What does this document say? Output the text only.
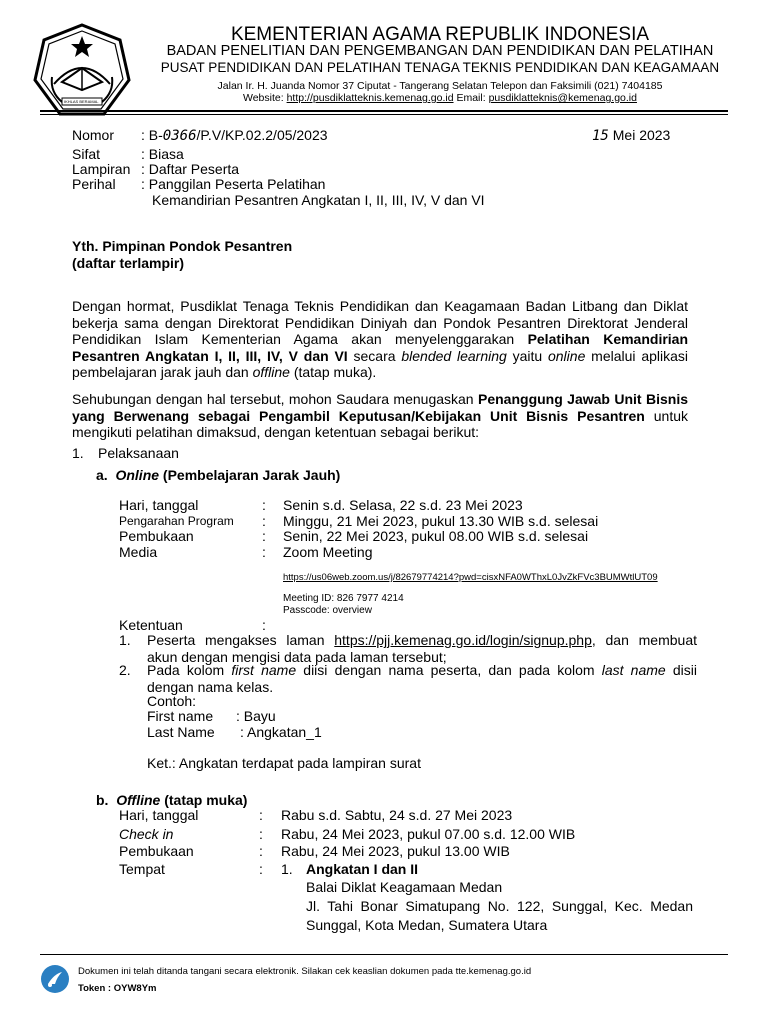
IKHLAS BERAMAL
KEMENTERIAN AGAMA REPUBLIK INDONESIA
BADAN PENELITIAN DAN PENGEMBANGAN DAN PENDIDIKAN DAN PELATIHAN
PUSAT PENDIDIKAN DAN PELATIHAN TENAGA TEKNIS PENDIDIKAN DAN KEAGAMAAN
Jalan Ir. H. Juanda Nomor 37 Ciputat - Tangerang Selatan Telepon dan Faksimili (021) 7404185
Website: http://pusdiklatteknis.kemenag.go.id Email: pusdiklatteknis@kemenag.go.id
Nomor : B-0366/P.V/KP.02.2/05/2023	15 Mei 2023
Sifat	: Biasa
Lampiran : Daftar Peserta
Perihal : Panggilan Peserta Pelatihan
Kemandirian Pesantren Angkatan I, II, III, IV, V dan VI
Yth. Pimpinan Pondok Pesantren
(daftar terlampir)
Dengan hormat, Pusdiklat Tenaga Teknis Pendidikan dan Keagamaan Badan Litbang dan Diklat bekerja sama dengan Direktorat Pendidikan Diniyah dan Pondok Pesantren Direktorat Jenderal Pendidikan Islam Kementerian Agama akan menyelenggarakan Pelatihan Kemandirian Pesantren Angkatan I, II, III, IV, V dan VI secara blended learning yaitu online melalui aplikasi pembelajaran jarak jauh dan offline (tatap muka).
Sehubungan dengan hal tersebut, mohon Saudara menugaskan Penanggung Jawab Unit Bisnis yang Berwenang sebagai Pengambil Keputusan/Kebijakan Unit Bisnis Pesantren untuk mengikuti pelatihan dimaksud, dengan ketentuan sebagai berikut:
1. Pelaksanaan
a. Online (Pembelajaran Jarak Jauh)
Hari, tanggal	: Senin s.d. Selasa, 22 s.d. 23 Mei 2023
Pengarahan Program : Minggu, 21 Mei 2023, pukul 13.30 WIB s.d. selesai
Pembukaan	: Senin, 22 Mei 2023, pukul 08.00 WIB s.d. selesai
Media	: Zoom Meeting
https://us06web.zoom.us/j/82679774214?pwd=cisxNFA0WThxL0JvZkFVc3BUMWtlUT09
Meeting ID: 826 7977 4214
Passcode: overview
Ketentuan	:
1. Peserta mengakses laman https://pjj.kemenag.go.id/login/signup.php, dan membuat akun dengan mengisi data pada laman tersebut;
2. Pada kolom first name diisi dengan nama peserta, dan pada kolom last name disii dengan nama kelas.
Contoh:
First name : Bayu
Last Name : Angkatan_1
Ket.: Angkatan terdapat pada lampiran surat
b. Offline (tatap muka)
Hari, tanggal	: Rabu s.d. Sabtu, 24 s.d. 27 Mei 2023
Check in	: Rabu, 24 Mei 2023, pukul 07.00 s.d. 12.00 WIB
Pembukaan	: Rabu, 24 Mei 2023, pukul 13.00 WIB
Tempat	: 1. Angkatan I dan II
Balai Diklat Keagamaan Medan
Jl. Tahi Bonar Simatupang No. 122, Sunggal, Kec. Medan Sunggal, Kota Medan, Sumatera Utara
Dokumen ini telah ditanda tangani secara elektronik. Silakan cek keaslian dokumen pada tte.kemenag.go.id
Token : OYW8Ym
